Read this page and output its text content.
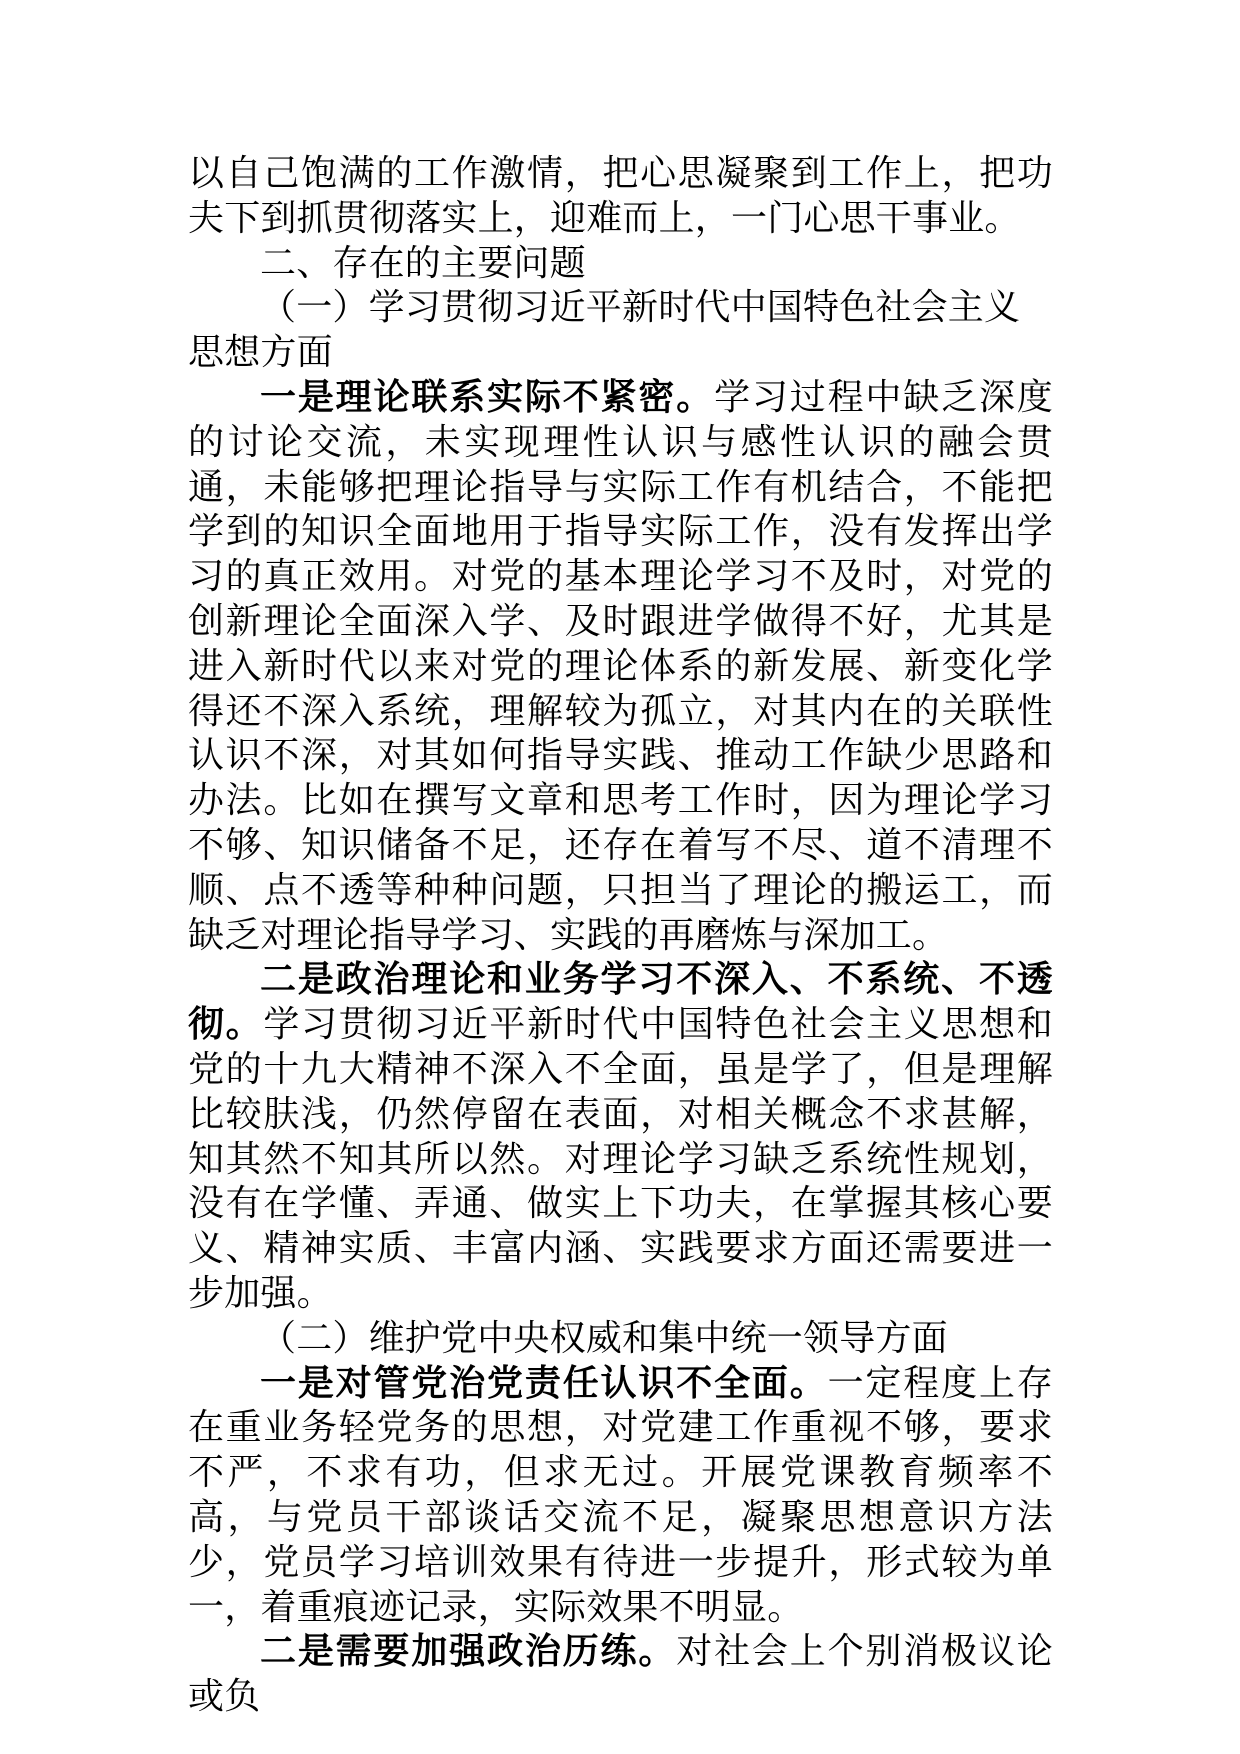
以自己饱满的工作激情，把心思凝聚到工作上，把功夫下到抓贯彻落实上，迎难而上，一门心思干事业。

二、存在的主要问题
（一）学习贯彻习近平新时代中国特色社会主义思想方面

一是理论联系实际不紧密。学习过程中缺乏深度的讨论交流，未实现理性认识与感性认识的融会贯通，未能够把理论指导与实际工作有机结合，不能把学到的知识全面地用于指导实际工作，没有发挥出学习的真正效用。对党的基本理论学习不及时，对党的创新理论全面深入学、及时跟进学做得不好，尤其是进入新时代以来对党的理论体系的新发展、新变化学得还不深入系统，理解较为孤立，对其内在的关联性认识不深，对其如何指导实践、推动工作缺少思路和办法。比如在撰写文章和思考工作时，因为理论学习不够、知识储备不足，还存在着写不尽、道不清理不顺、点不透等种种问题，只担当了理论的搬运工，而缺乏对理论指导学习、实践的再磨炼与深加工。

二是政治理论和业务学习不深入、不系统、不透彻。学习贯彻习近平新时代中国特色社会主义思想和党的十九大精神不深入不全面，虽是学了，但是理解比较肤浅，仍然停留在表面，对相关概念不求甚解，知其然不知其所以然。对理论学习缺乏系统性规划，没有在学懂、弄通、做实上下功夫，在掌握其核心要义、精神实质、丰富内涵、实践要求方面还需要进一步加强。

（二）维护党中央权威和集中统一领导方面

一是对管党治党责任认识不全面。一定程度上存在重业务轻党务的思想，对党建工作重视不够，要求不严，不求有功，但求无过。开展党课教育频率不高，与党员干部谈话交流不足，凝聚思想意识方法少，党员学习培训效果有待进一步提升，形式较为单一，着重痕迹记录，实际效果不明显。

二是需要加强政治历练。对社会上个别消极议论或负
